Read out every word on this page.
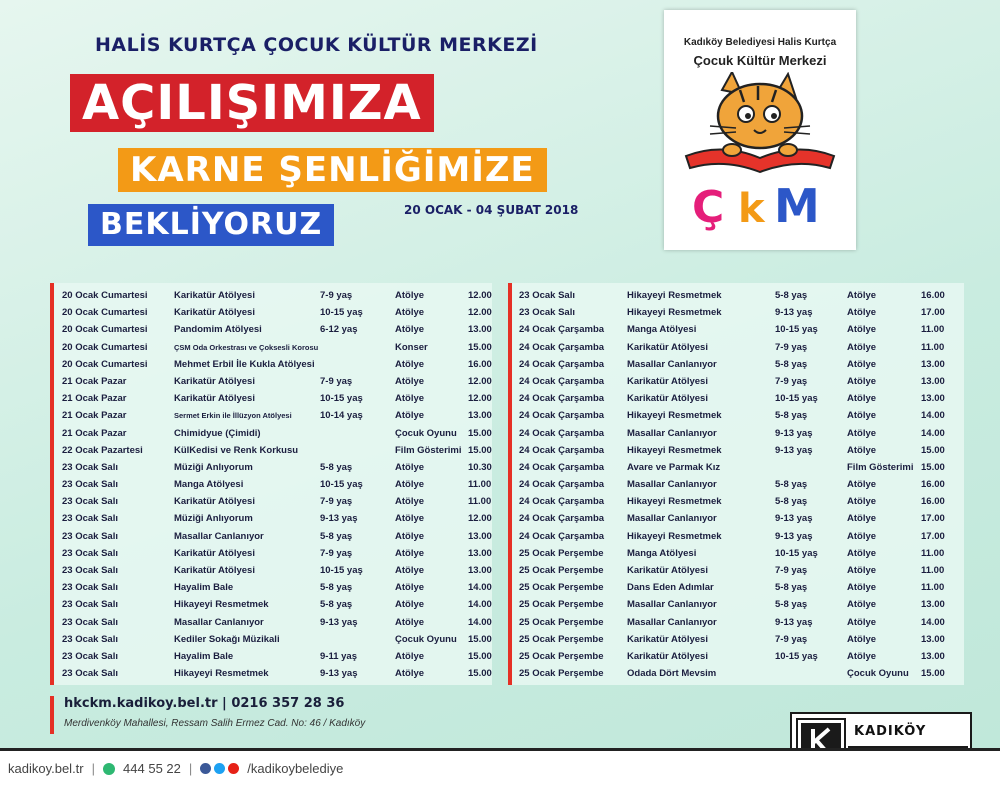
HALİS KURTÇA ÇOCUK KÜLTÜR MERKEZİ
AÇILIŞIMIZA
KARNE ŞENLİĞİMİZE
BEKLİYORUZ	20 OCAK - 04 ŞUBAT 2018
Kadıköy Belediyesi Halis Kurtça
Çocuk Kültür Merkezi
Ç k M
20 Ocak Cumartesi	Karikatür Atölyesi	7-9 yaş	Atölye	12.00
20 Ocak Cumartesi	Karikatür Atölyesi	10-15 yaş	Atölye	12.00
20 Ocak Cumartesi	Pandomim Atölyesi	6-12 yaş	Atölye	13.00
20 Ocak Cumartesi	ÇSM Oda Orkestrası ve Çoksesli Korosu	Konser	15.00
20 Ocak Cumartesi	Mehmet Erbil İle Kukla Atölyesi	Atölye	16.00
21 Ocak Pazar	Karikatür Atölyesi	7-9 yaş	Atölye	12.00
21 Ocak Pazar	Karikatür Atölyesi	10-15 yaş	Atölye	12.00
21 Ocak Pazar	Sermet Erkin ile İllüzyon Atölyesi	10-14 yaş	Atölye	13.00
21 Ocak Pazar	Chimidyue (Çimidi)	Çocuk Oyunu 15.00
22 Ocak Pazartesi	KülKedisi ve Renk Korkusu	Film Gösterimi 15.00
23 Ocak Salı	Müziği Anlıyorum	5-8 yaş	Atölye	10.30
23 Ocak Salı	Manga Atölyesi	10-15 yaş	Atölye	11.00
23 Ocak Salı	Karikatür Atölyesi	7-9 yaş	Atölye	11.00
23 Ocak Salı	Müziği Anlıyorum	9-13 yaş	Atölye	12.00
23 Ocak Salı	Masallar Canlanıyor	5-8 yaş	Atölye	13.00
23 Ocak Salı	Karikatür Atölyesi	7-9 yaş	Atölye	13.00
23 Ocak Salı	Karikatür Atölyesi	10-15 yaş	Atölye	13.00
23 Ocak Salı	Hayalim Bale	5-8 yaş	Atölye	14.00
23 Ocak Salı	Hikayeyi Resmetmek	5-8 yaş	Atölye	14.00
23 Ocak Salı	Masallar Canlanıyor	9-13 yaş	Atölye	14.00
23 Ocak Salı	Kediler Sokağı Müzikali	Çocuk Oyunu 15.00
23 Ocak Salı	Hayalim Bale	9-11 yaş	Atölye	15.00
23 Ocak Salı	Hikayeyi Resmetmek	9-13 yaş	Atölye	15.00
23 Ocak Salı	Hikayeyi Resmetmek	5-8 yaş	Atölye	16.00
23 Ocak Salı	Hikayeyi Resmetmek	9-13 yaş	Atölye	17.00
24 Ocak Çarşamba Manga Atölyesi	10-15 yaş	Atölye	11.00
24 Ocak Çarşamba Karikatür Atölyesi	7-9 yaş	Atölye	11.00
24 Ocak Çarşamba Masallar Canlanıyor	5-8 yaş	Atölye	13.00
24 Ocak Çarşamba Karikatür Atölyesi	7-9 yaş	Atölye	13.00
24 Ocak Çarşamba Karikatür Atölyesi	10-15 yaş	Atölye	13.00
24 Ocak Çarşamba Hikayeyi Resmetmek	5-8 yaş	Atölye	14.00
24 Ocak Çarşamba Masallar Canlanıyor	9-13 yaş	Atölye	14.00
24 Ocak Çarşamba Hikayeyi Resmetmek	9-13 yaş	Atölye	15.00
24 Ocak Çarşamba Avare ve Parmak Kız	Film Gösterimi 15.00
24 Ocak Çarşamba Masallar Canlanıyor	5-8 yaş	Atölye	16.00
24 Ocak Çarşamba Hikayeyi Resmetmek	5-8 yaş	Atölye	16.00
24 Ocak Çarşamba Masallar Canlanıyor	9-13 yaş	Atölye	17.00
24 Ocak Çarşamba Hikayeyi Resmetmek	9-13 yaş	Atölye	17.00
25 Ocak Perşembe Manga Atölyesi	10-15 yaş	Atölye	11.00
25 Ocak Perşembe Karikatür Atölyesi	7-9 yaş	Atölye	11.00
25 Ocak Perşembe Dans Eden Adımlar	5-8 yaş	Atölye	11.00
25 Ocak Perşembe Masallar Canlanıyor	5-8 yaş	Atölye	13.00
25 Ocak Perşembe Masallar Canlanıyor	9-13 yaş	Atölye	14.00
25 Ocak Perşembe Karikatür Atölyesi	7-9 yaş	Atölye	13.00
25 Ocak Perşembe Karikatür Atölyesi	10-15 yaş	Atölye	13.00
25 Ocak Perşembe Odada Dört Mevsim	Çocuk Oyunu 15.00
hkckm.kadikoy.bel.tr | 0216 357 28 36
Merdivenköy Mahallesi, Ressam Salih Ermez Cad. No: 46 / Kadıköy
KADIKÖY
kadikoy.bel.tr | 444 55 22 |	/kadikoybelediye
